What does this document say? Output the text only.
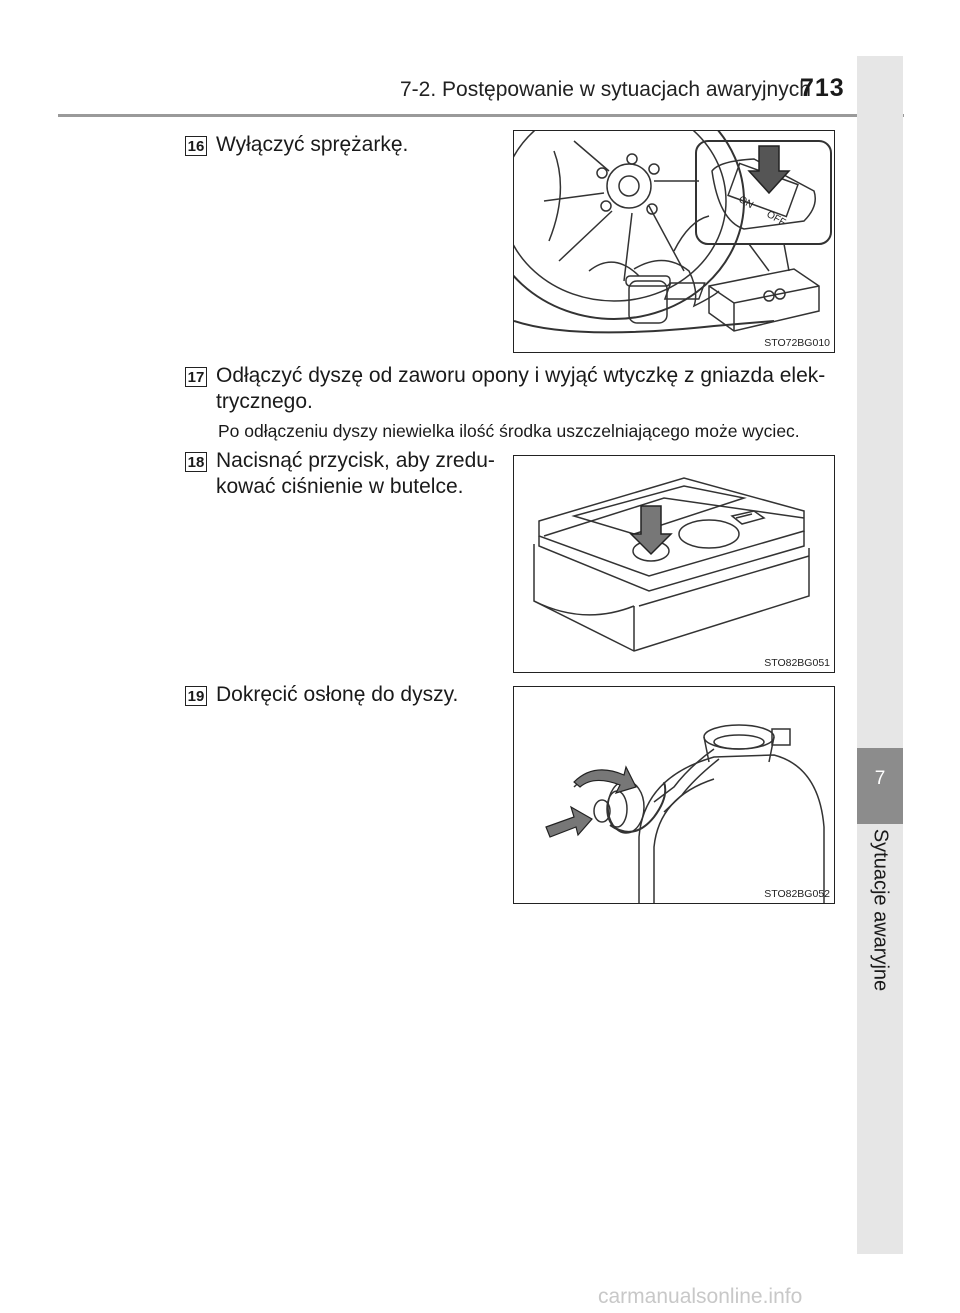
7-2. Postępowanie w sytuacjach awaryjnych
713
7
Sytuacje awaryjne
16 Wyłączyć sprężarkę.
ON
OFF
STO72BG010
17 Odłączyć dyszę od zaworu opony i wyjąć wtyczkę z gniazda elek-
trycznego.
Po odłączeniu dyszy niewielka ilość środka uszczelniającego może wyciec.
18 Nacisnąć przycisk, aby zredu-
kować ciśnienie w butelce.
STO82BG051
19 Dokręcić osłonę do dyszy.
STO82BG052
carmanualsonline.info
